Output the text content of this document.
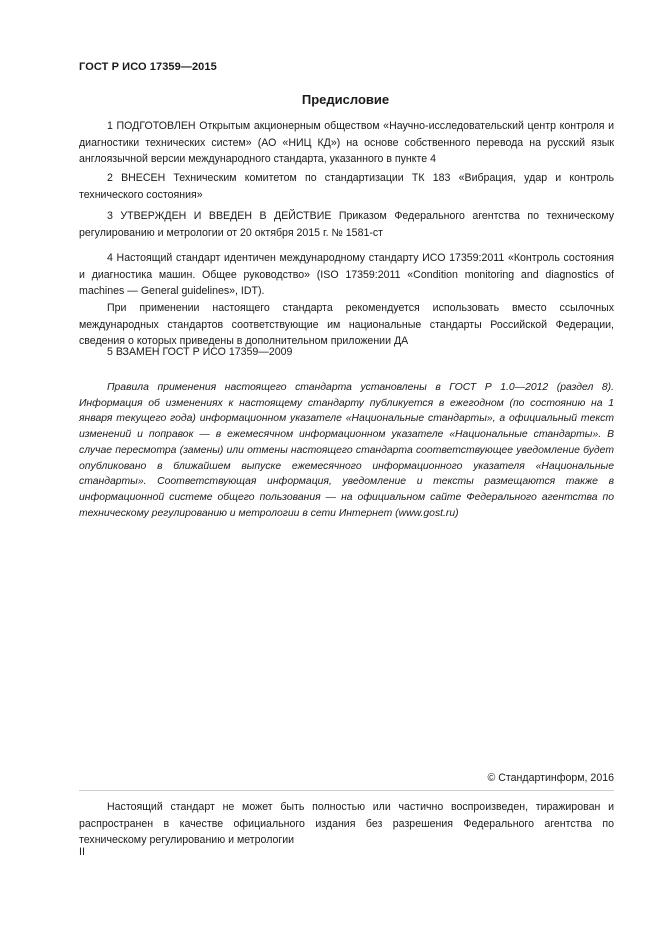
ГОСТ Р ИСО 17359—2015
Предисловие

1 ПОДГОТОВЛЕН Открытым акционерным обществом «Научно-исследовательский центр контроля и диагностики технических систем» (АО «НИЦ КД») на основе собственного перевода на русский язык англоязычной версии международного стандарта, указанного в пункте 4

2 ВНЕСЕН Техническим комитетом по стандартизации ТК 183 «Вибрация, удар и контроль технического состояния»

3 УТВЕРЖДЕН И ВВЕДЕН В ДЕЙСТВИЕ Приказом Федерального агентства по техническому регулированию и метрологии от 20 октября 2015 г. № 1581-ст

4 Настоящий стандарт идентичен международному стандарту ИСО 17359:2011 «Контроль состояния и диагностика машин. Общее руководство» (ISO 17359:2011 «Condition monitoring and diagnostics of machines — General guidelines», IDT).

При применении настоящего стандарта рекомендуется использовать вместо ссылочных международных стандартов соответствующие им национальные стандарты Российской Федерации, сведения о которых приведены в дополнительном приложении ДА

5 ВЗАМЕН ГОСТ Р ИСО 17359—2009

Правила применения настоящего стандарта установлены в ГОСТ Р 1.0—2012 (раздел 8). Информация об изменениях к настоящему стандарту публикуется в ежегодном (по состоянию на 1 января текущего года) информационном указателе «Национальные стандарты», а официальный текст изменений и поправок — в ежемесячном информационном указателе «Национальные стандарты». В случае пересмотра (замены) или отмены настоящего стандарта соответствующее уведомление будет опубликовано в ближайшем выпуске ежемесячного информационного указателя «Национальные стандарты». Соответствующая информация, уведомление и тексты размещаются также в информационной системе общего пользования — на официальном сайте Федерального агентства по техническому регулированию и метрологии в сети Интернет (www.gost.ru)

© Стандартинформ, 2016

Настоящий стандарт не может быть полностью или частично воспроизведен, тиражирован и распространен в качестве официального издания без разрешения Федерального агентства по техническому регулированию и метрологии

II
